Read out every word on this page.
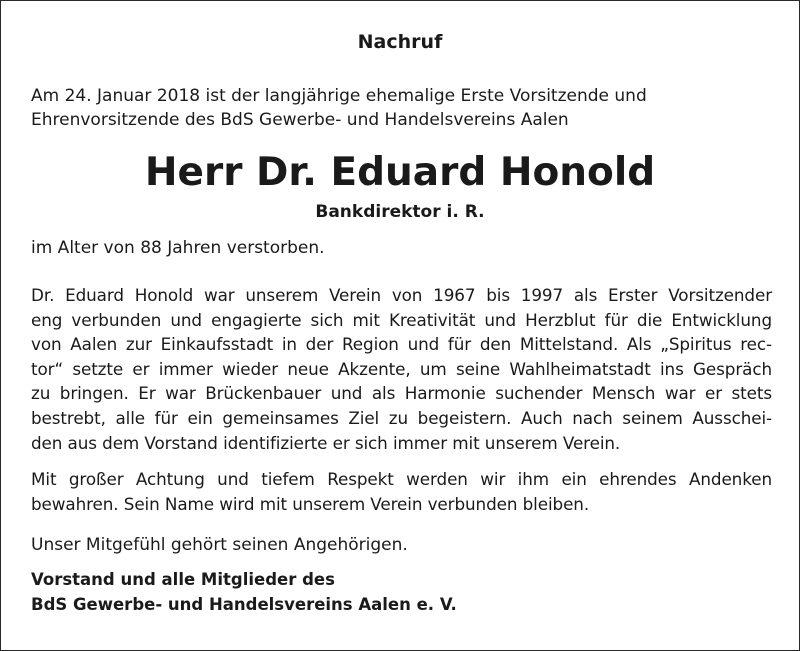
Nachruf

Am 24. Januar 2018 ist der langjährige ehemalige Erste Vorsitzende und

Ehrenvorsitzende des BdS Gewerbe- und Handelsvereins Aalen

Herr Dr. Eduard Honold

Bankdirektor i. R.

im Alter von 88 Jahren verstorben.

Dr. Eduard Honold war unserem Verein von 1967 bis 1997 als Erster Vorsitzender
eng verbunden und engagierte sich mit Kreativität und Herzblut für die Entwicklung
von Aalen zur Einkaufsstadt in der Region und für den Mittelstand. Als „Spiritus rec-
tor“ setzte er immer wieder neue Akzente, um seine Wahlheimatstadt ins Gespräch
zu bringen. Er war Brückenbauer und als Harmonie suchender Mensch war er stets
bestrebt, alle für ein gemeinsames Ziel zu begeistern. Auch nach seinem Ausschei-
den aus dem Vorstand identifizierte er sich immer mit unserem Verein.
Mit großer Achtung und tiefem Respekt werden wir ihm ein ehrendes Andenken
bewahren. Sein Name wird mit unserem Verein verbunden bleiben.

Unser Mitgefühl gehört seinen Angehörigen.

Vorstand und alle Mitglieder des

BdS Gewerbe- und Handelsvereins Aalen e. V.
